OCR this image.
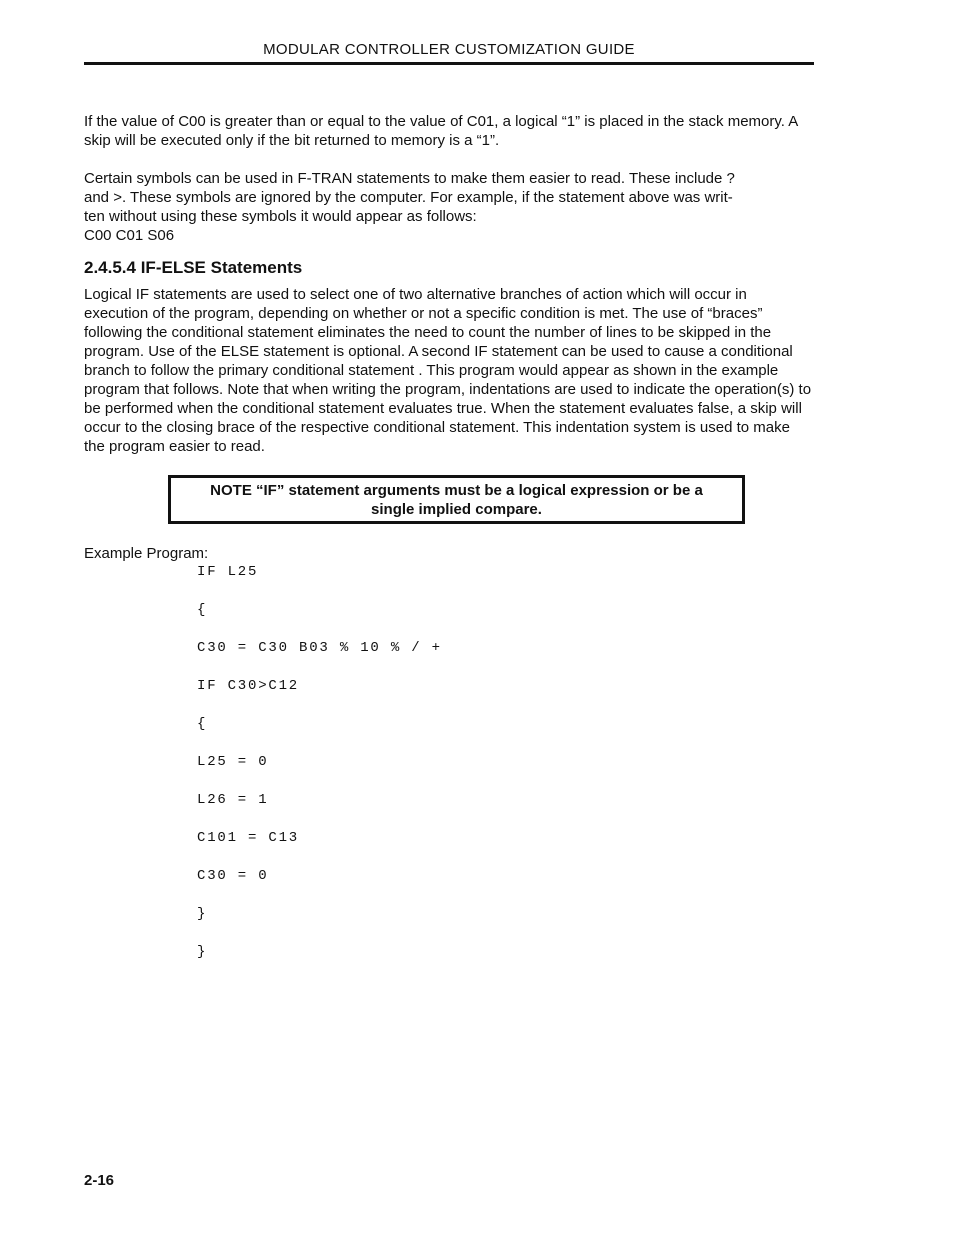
MODULAR CONTROLLER CUSTOMIZATION GUIDE

If the value of C00 is greater than or equal to the value of C01, a logical “1” is placed in the stack memory. A skip will be executed only if the bit returned to memory is a “1”.

Certain symbols can be used in F-TRAN statements to make them easier to read. These include ?
and >. These symbols are ignored by the computer. For example, if the statement above was writ-
ten without using these symbols it would appear as follows:
C00 C01 S06
2.4.5.4 IF-ELSE Statements

Logical IF statements are used to select one of two alternative branches of action which will occur in execution of the program, depending on whether or not a specific condition is met. The use of “braces” following the conditional statement eliminates the need to count the number of lines to be skipped in the program. Use of the ELSE statement is optional. A second IF statement can be used to cause a conditional branch to follow the primary conditional statement . This program would appear as shown in the example program that follows. Note that when writing the program, indentations are used to indicate the operation(s) to be performed when the conditional statement evaluates true. When the statement evaluates false, a skip will occur to the closing brace of the respective conditional statement. This indentation system is used to make the program easier to read.

NOTE “IF” statement arguments must be a logical expression or be a
single implied compare.
Example Program:
IF L25
{
C30 = C30 B03 % 10 % / +
IF C30>C12
{
L25 = 0
L26 = 1
C101 = C13
C30 = 0
}
}
2-16
